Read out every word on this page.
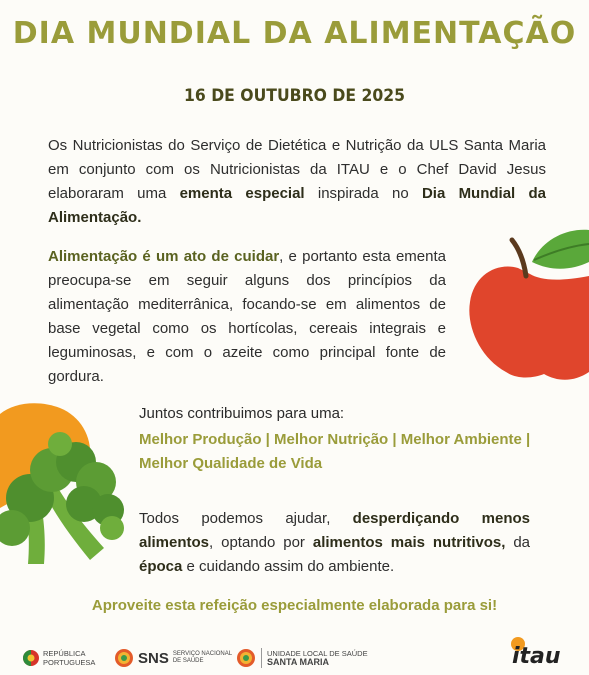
DIA MUNDIAL DA ALIMENTAÇÃO
16 DE OUTUBRO DE 2025
Os Nutricionistas do Serviço de Dietética e Nutrição da ULS Santa Maria em conjunto com os Nutricionistas da ITAU e o Chef David Jesus elaboraram uma ementa especial inspirada no Dia Mundial da Alimentação.
Alimentação é um ato de cuidar, e portanto esta ementa preocupa-se em seguir alguns dos princípios da alimentação mediterrânica, focando-se em alimentos de base vegetal como os hortícolas, cereais integrais e leguminosas, e com o azeite como principal fonte de gordura.
Juntos contribuimos para uma:
Melhor Produção | Melhor Nutrição | Melhor Ambiente | Melhor Qualidade de Vida
Todos podemos ajudar, desperdiçando menos alimentos, optando por alimentos mais nutritivos, da época e cuidando assim do ambiente.
Aproveite esta refeição especialmente elaborada para si!
REPÚBLICA
PORTUGUESA	SNS SERVIÇO NACIONAL
DE SAÚDE
UNIDADE LOCAL DE SAÚDE
SANTA MARIA	itau
